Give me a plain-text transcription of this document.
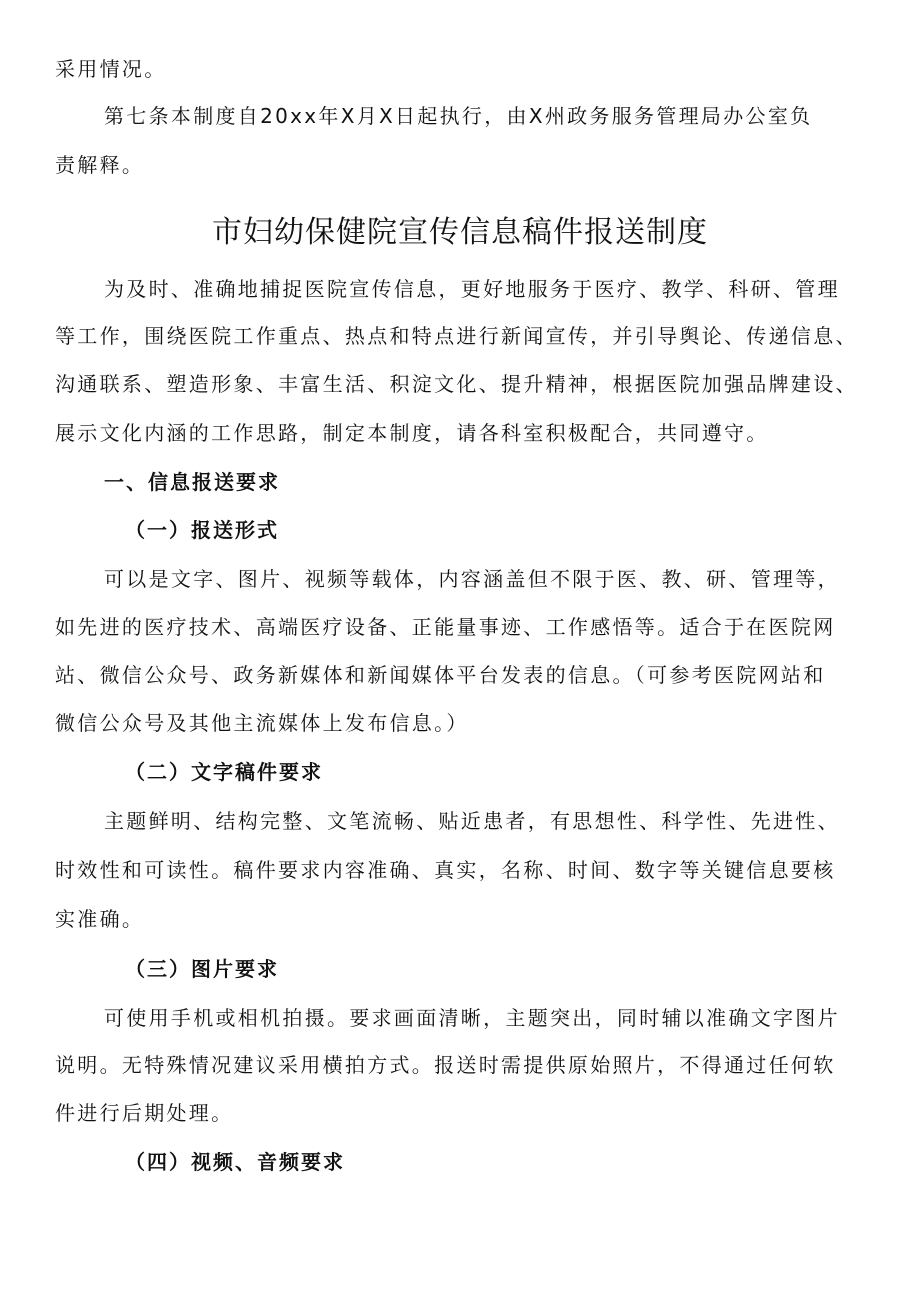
采用情况。
第七条本制度自20xx年X月X日起执行，由X州政务服务管理局办公室负
责解释。
市妇幼保健院宣传信息稿件报送制度
为及时、准确地捕捉医院宣传信息，更好地服务于医疗、教学、科研、管理
等工作，围绕医院工作重点、热点和特点进行新闻宣传，并引导舆论、传递信息、
沟通联系、塑造形象、丰富生活、积淀文化、提升精神，根据医院加强品牌建设、
展示文化内涵的工作思路，制定本制度，请各科室积极配合，共同遵守。
一、信息报送要求
（一）报送形式
可以是文字、图片、视频等载体，内容涵盖但不限于医、教、研、管理等，
如先进的医疗技术、高端医疗设备、正能量事迹、工作感悟等。适合于在医院网
站、微信公众号、政务新媒体和新闻媒体平台发表的信息。（可参考医院网站和
微信公众号及其他主流媒体上发布信息。）
（二）文字稿件要求
主题鲜明、结构完整、文笔流畅、贴近患者，有思想性、科学性、先进性、
时效性和可读性。稿件要求内容准确、真实，名称、时间、数字等关键信息要核
实准确。
（三）图片要求
可使用手机或相机拍摄。要求画面清晰，主题突出，同时辅以准确文字图片
说明。无特殊情况建议采用横拍方式。报送时需提供原始照片，不得通过任何软
件进行后期处理。
（四）视频、音频要求
